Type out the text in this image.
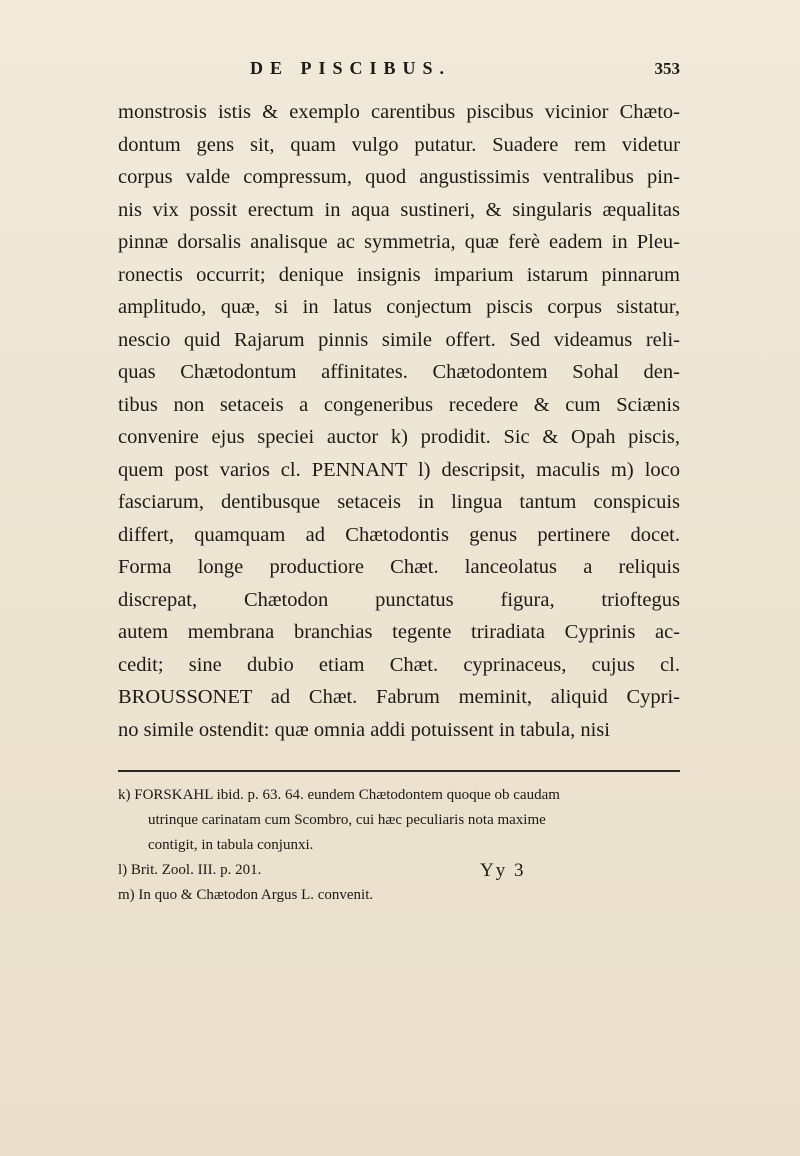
DE PISCIBUS.	353

monstrosis istis & exemplo carentibus piscibus vicinior Chæto-
dontum gens sit, quam vulgo putatur. Suadere rem videtur
corpus valde compressum, quod angustissimis ventralibus pin-
nis vix possit erectum in aqua sustineri, & singularis æqualitas
pinnæ dorsalis analisque ac symmetria, quæ ferè eadem in Pleu-
ronectis occurrit; denique insignis imparium istarum pinnarum
amplitudo, quæ, si in latus conjectum piscis corpus sistatur,
nescio quid Rajarum pinnis simile offert. Sed videamus reli-
quas Chætodontum affinitates. Chætodontem Sohal den-
tibus non setaceis a congeneribus recedere & cum Sciænis
convenire ejus speciei auctor k) prodidit. Sic & Opah piscis,
quem post varios cl. PENNANT l) descripsit, maculis m) loco
fasciarum, dentibusque setaceis in lingua tantum conspicuis
differt, quamquam ad Chætodontis genus pertinere docet.
Forma longe productiore Chæt. lanceolatus a reliquis
discrepat, Chætodon punctatus figura, trioftegus
autem membrana branchias tegente triradiata Cyprinis ac-
cedit; sine dubio etiam Chæt. cyprinaceus, cujus cl.
BROUSSONET ad Chæt. Fabrum meminit, aliquid Cypri-
no simile ostendit: quæ omnia addi potuissent in tabula, nisi

k) FORSKAHL ibid. p. 63. 64. eundem Chætodontem quoque ob caudam
utrinque carinatam cum Scombro, cui hæc peculiaris nota maxime
contigit, in tabula conjunxi.
l) Brit. Zool. III. p. 201.
m) In quo & Chætodon Argus L. convenit.

Yy 3
